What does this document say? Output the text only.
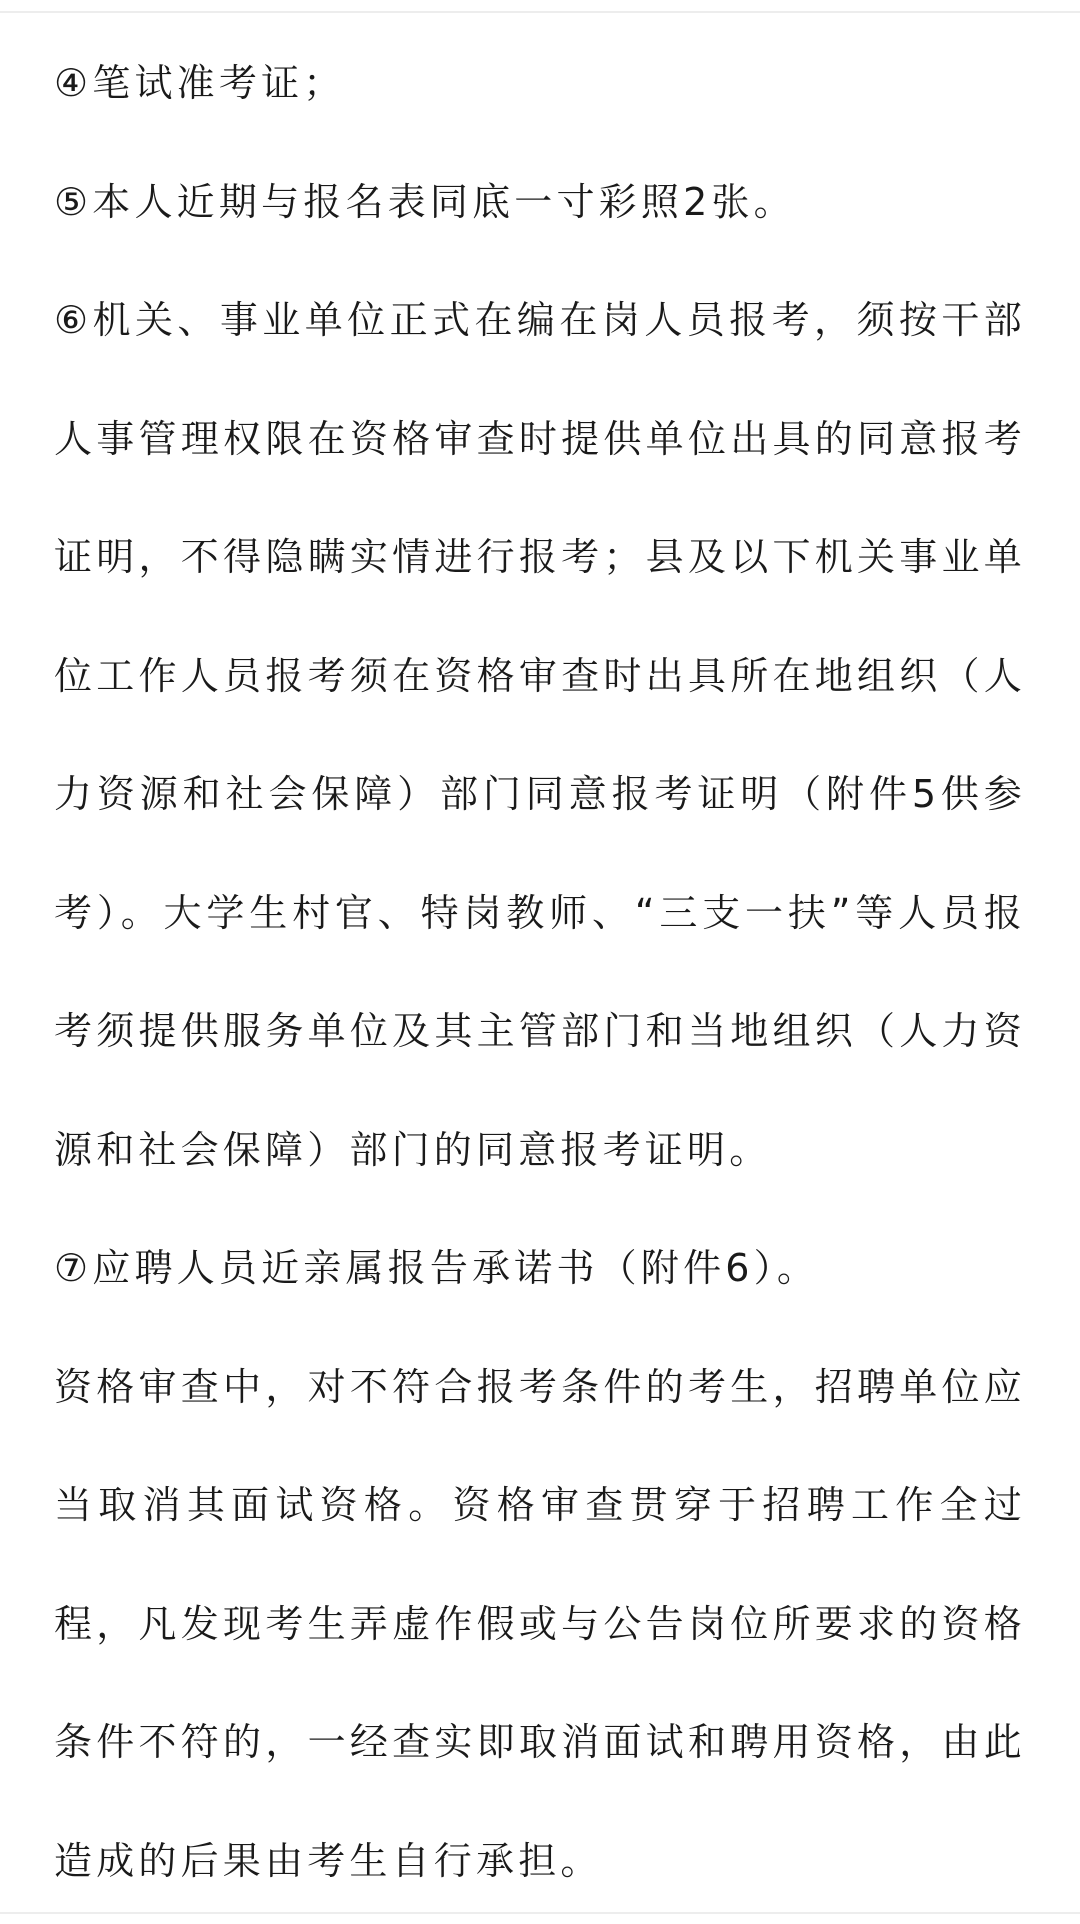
④笔试准考证；

⑤本人近期与报名表同底一寸彩照2张。

⑥机关、事业单位正式在编在岗人员报考，须按干部人事管理权限在资格审查时提供单位出具的同意报考证明，不得隐瞒实情进行报考；县及以下机关事业单位工作人员报考须在资格审查时出具所在地组织（人力资源和社会保障）部门同意报考证明（附件5供参考）。大学生村官、特岗教师、“三支一扶”等人员报考须提供服务单位及其主管部门和当地组织（人力资源和社会保障）部门的同意报考证明。

⑦应聘人员近亲属报告承诺书（附件6）。

资格审查中，对不符合报考条件的考生，招聘单位应当取消其面试资格。资格审查贯穿于招聘工作全过程，凡发现考生弄虚作假或与公告岗位所要求的资格条件不符的，一经查实即取消面试和聘用资格，由此造成的后果由考生自行承担。
